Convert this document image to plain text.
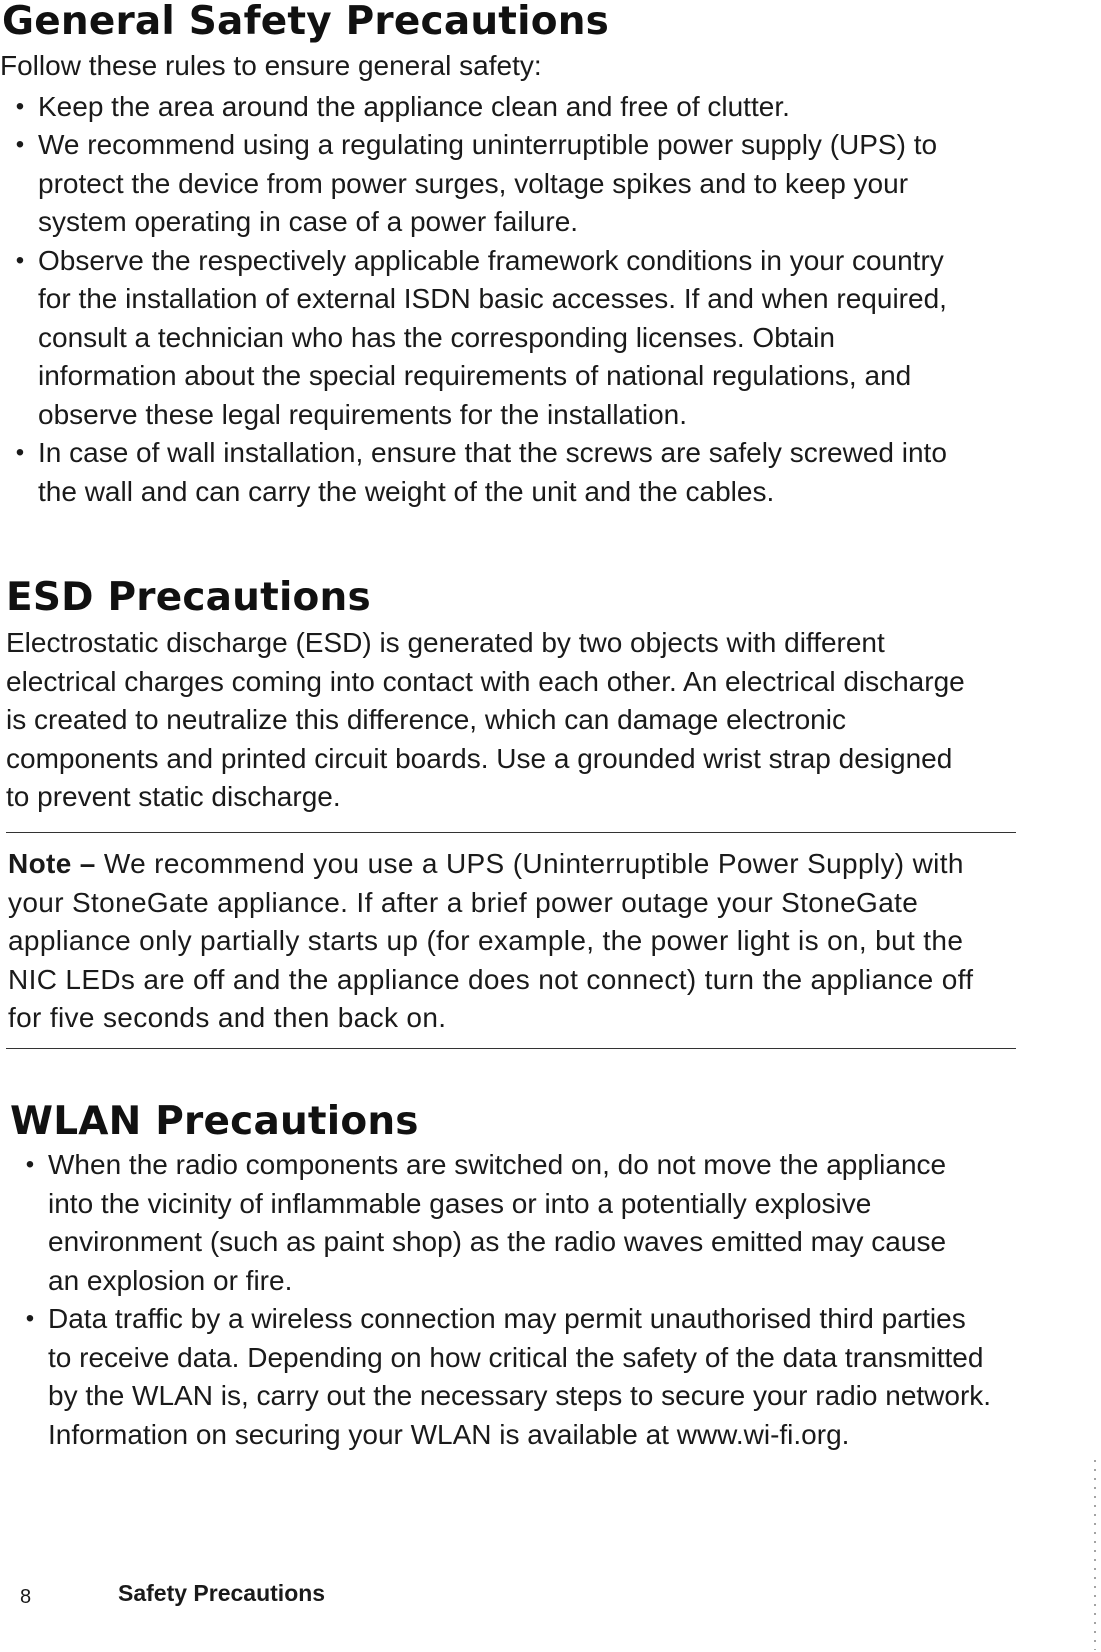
General Safety Precautions

Follow these rules to ensure general safety:

• Keep the area around the appliance clean and free of clutter.
• We recommend using a regulating uninterruptible power supply (UPS) to protect the device from power surges, voltage spikes and to keep your system operating in case of a power failure.
• Observe the respectively applicable framework conditions in your country for the installation of external ISDN basic accesses. If and when required, consult a technician who has the corresponding licenses. Obtain information about the special requirements of national regulations, and observe these legal requirements for the installation.
• In case of wall installation, ensure that the screws are safely screwed into the wall and can carry the weight of the unit and the cables.
ESD Precautions

Electrostatic discharge (ESD) is generated by two objects with different electrical charges coming into contact with each other. An electrical discharge is created to neutralize this difference, which can damage electronic components and printed circuit boards. Use a grounded wrist strap designed to prevent static discharge.

Note – We recommend you use a UPS (Uninterruptible Power Supply) with your StoneGate appliance. If after a brief power outage your StoneGate appliance only partially starts up (for example, the power light is on, but the NIC LEDs are off and the appliance does not connect) turn the appliance off for five seconds and then back on.

WLAN Precautions
• When the radio components are switched on, do not move the appliance into the vicinity of inflammable gases or into a potentially explosive environment (such as paint shop) as the radio waves emitted may cause an explosion or fire.
• Data traffic by a wireless connection may permit unauthorised third parties to receive data. Depending on how critical the safety of the data transmitted by the WLAN is, carry out the necessary steps to secure your radio network. Information on securing your WLAN is available at www.wi-fi.org.
8	Safety Precautions
